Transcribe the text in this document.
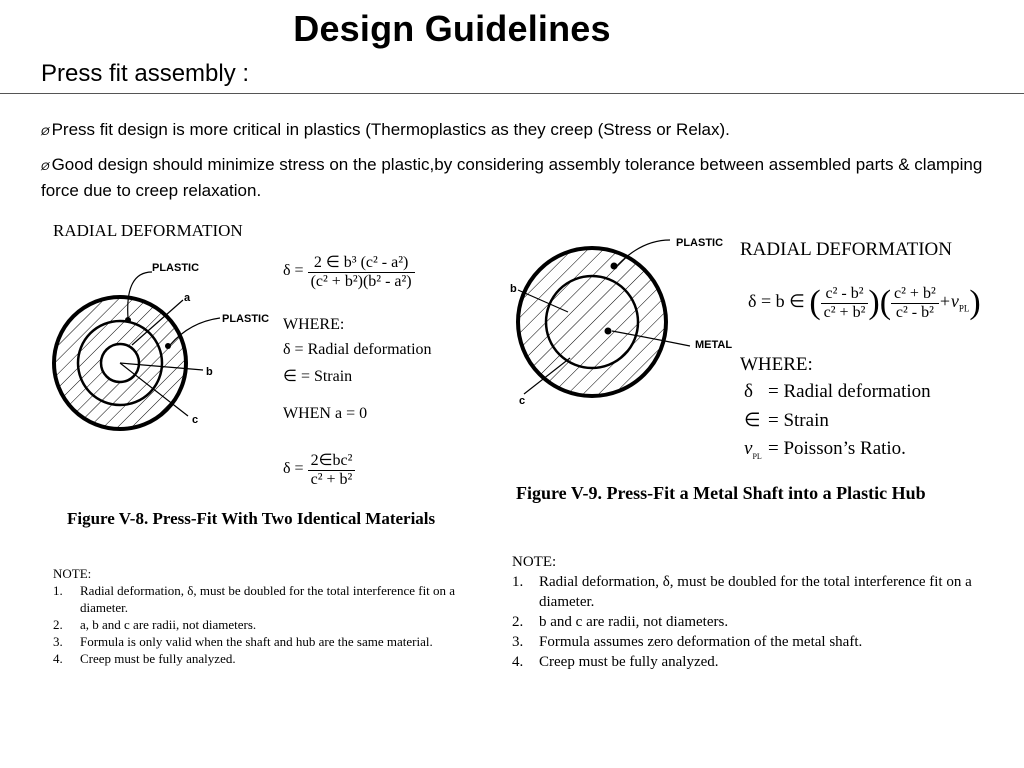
Design Guidelines
Press fit assembly :
Ø Press fit design is more critical in plastics (Thermoplastics as they creep (Stress or Relax).
Ø Good design should minimize stress on the plastic,by considering assembly tolerance between assembled parts & clamping force due to creep relaxation.
RADIAL DEFORMATION
PLASTIC
PLASTIC
a
b
c
$\delta = \frac{\text{2 ∈ b³ (c² - a²)}}{\text{(c² + b²)(b² - a²)}}$
WHERE:
δ = Radial deformation
∈ = Strain
WHEN a = 0
$\delta = \frac{\text{2∈bc²}}{\text{c² + b²}}$
Figure V-8. Press-Fit With Two Identical Materials
NOTE:
1. Radial deformation, δ, must be doubled for the total interference fit on a diameter.
2. a, b and c are radii, not diameters.
3. Formula is only valid when the shaft and hub are the same material.
4. Creep must be fully analyzed.
PLASTIC
METAL
b
c
RADIAL DEFORMATION
δ = b ∈ ( $\frac{\text{c² - b²}}{\text{c² + b²}}$ )( $\frac{\text{c² + b²}}{\text{c² - b²}} +\nu_{PL}$)
WHERE:
δ = Radial deformation
∈ = Strain
$\nu_{PL}$ = Poisson’s Ratio.
Figure V-9. Press-Fit a Metal Shaft into a Plastic Hub
NOTE:
1. Radial deformation, δ, must be doubled for the total interference fit on a diameter.
2. b and c are radii, not diameters.
3. Formula assumes zero deformation of the metal shaft.
4. Creep must be fully analyzed.
